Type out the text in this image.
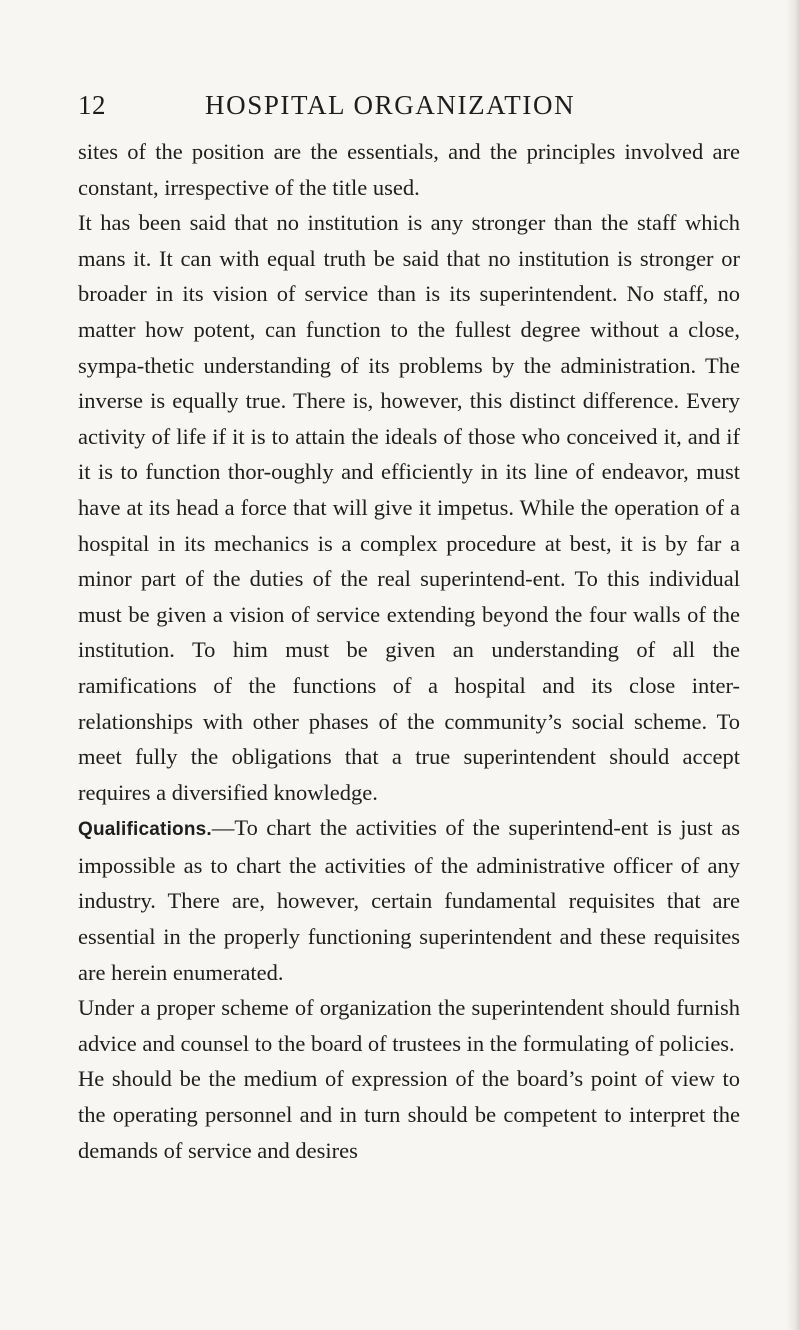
12	HOSPITAL ORGANIZATION

sites of the position are the essentials, and the principles involved are constant, irrespective of the title used.

It has been said that no institution is any stronger than the staff which mans it. It can with equal truth be said that no institution is stronger or broader in its vision of service than is its superintendent. No staff, no matter how potent, can function to the fullest degree without a close, sympa-thetic understanding of its problems by the administration. The inverse is equally true. There is, however, this distinct difference. Every activity of life if it is to attain the ideals of those who conceived it, and if it is to function thor-oughly and efficiently in its line of endeavor, must have at its head a force that will give it impetus. While the operation of a hospital in its mechanics is a complex procedure at best, it is by far a minor part of the duties of the real superintend-ent. To this individual must be given a vision of service extending beyond the four walls of the institution. To him must be given an understanding of all the ramifications of the functions of a hospital and its close inter-relationships with other phases of the community’s social scheme. To meet fully the obligations that a true superintendent should accept requires a diversified knowledge.

Qualifications.—To chart the activities of the superintend-ent is just as impossible as to chart the activities of the administrative officer of any industry. There are, however, certain fundamental requisites that are essential in the properly functioning superintendent and these requisites are herein enumerated.

Under a proper scheme of organization the superintendent should furnish advice and counsel to the board of trustees in the formulating of policies.

He should be the medium of expression of the board’s point of view to the operating personnel and in turn should be competent to interpret the demands of service and desires
